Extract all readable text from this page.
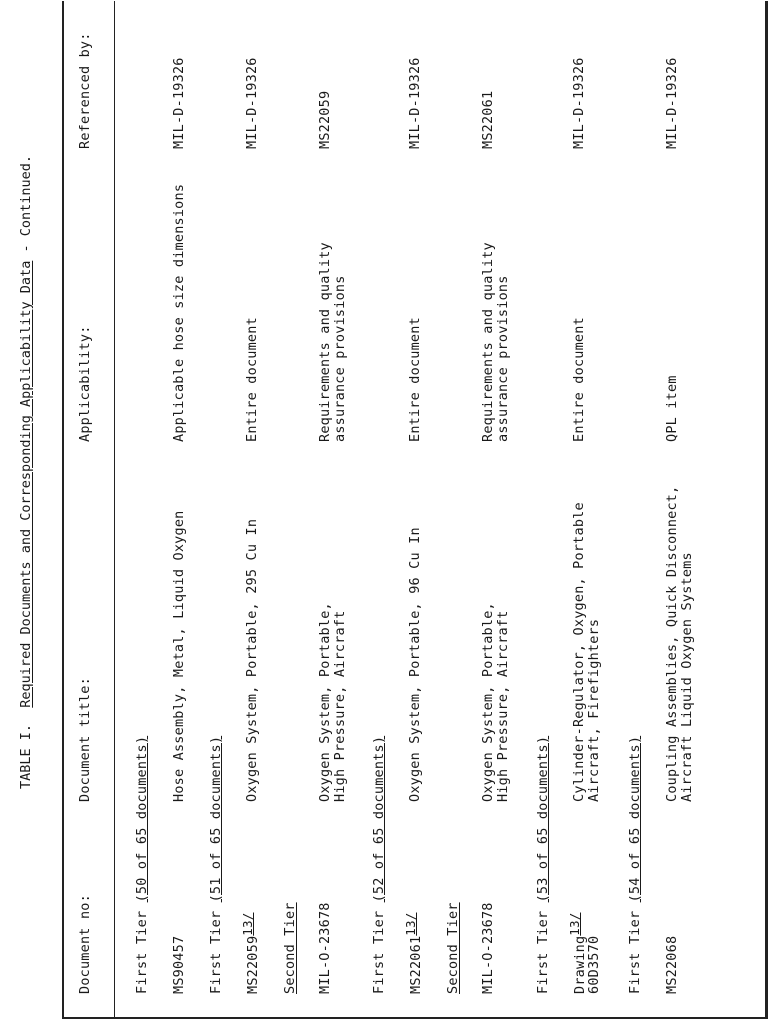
TABLE I.  Required Documents and Corresponding Applicability Data - Continued.
Document no:
Document title:
Applicability:
Referenced by:
First Tier (50 of 65 documents)
MS90457
Hose Assembly, Metal, Liquid Oxygen
Applicable hose size dimensions
MIL-D-19326
First Tier (51 of 65 documents)
MS2205913/
Oxygen System, Portable, 295 Cu In
Entire document
MIL-D-19326
Second Tier MIL-O-23678
Oxygen System, Portable, High Pressure, Aircraft
Requirements and quality assurance provisions
MS22059
First Tier (52 of 65 documents)
MS2206113/
Oxygen System, Portable, 96 Cu In
Entire document
MIL-D-19326
Second Tier MIL-O-23678
Oxygen System, Portable, High Pressure, Aircraft
Requirements and quality assurance provisions
MS22061
First Tier (53 of 65 documents)
Drawing13/
60D3570
Cylinder-Regulator, Oxygen, Portable Aircraft, Firefighters
Entire document
MIL-D-19326
First Tier (54 of 65 documents)
MS22068
Coupling Assemblies, Quick Disconnect, Aircraft Liquid Oxygen Systems
QPL item
MIL-D-19326
